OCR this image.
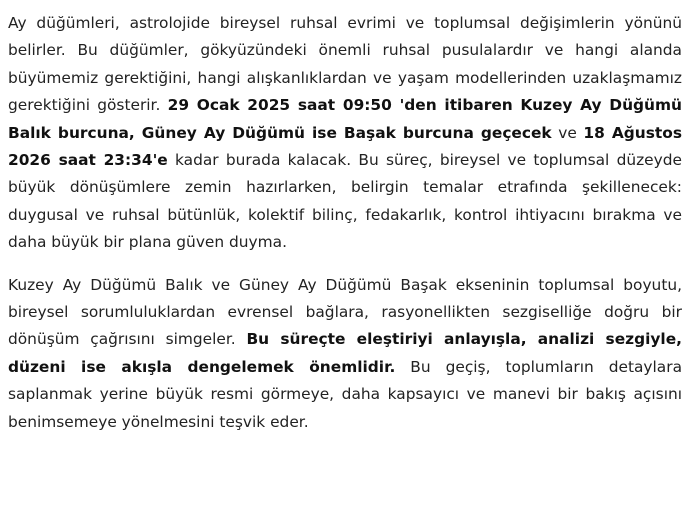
Ay düğümleri, astrolojide bireysel ruhsal evrimi ve toplumsal değişimlerin yönünü belirler. Bu düğümler, gökyüzündeki önemli ruhsal pusulalardır ve hangi alanda büyümemiz gerektiğini, hangi alışkanlıklardan ve yaşam modellerinden uzaklaşmamız gerektiğini gösterir. 29 Ocak 2025 saat 09:50 'den itibaren Kuzey Ay Düğümü Balık burcuna, Güney Ay Düğümü ise Başak burcuna geçecek ve 18 Ağustos 2026 saat 23:34'e kadar burada kalacak. Bu süreç, bireysel ve toplumsal düzeyde büyük dönüşümlere zemin hazırlarken, belirgin temalar etrafında şekillenecek: duygusal ve ruhsal bütünlük, kolektif bilinç, fedakarlık, kontrol ihtiyacını bırakma ve daha büyük bir plana güven duyma.

Kuzey Ay Düğümü Balık ve Güney Ay Düğümü Başak ekseninin toplumsal boyutu, bireysel sorumluluklardan evrensel bağlara, rasyonellikten sezgiselliğe doğru bir dönüşüm çağrısını simgeler. Bu süreçte eleştiriyi anlayışla, analizi sezgiyle, düzeni ise akışla dengelemek önemlidir. Bu geçiş, toplumların detaylara saplanmak yerine büyük resmi görmeye, daha kapsayıcı ve manevi bir bakış açısını benimsemeye yönelmesini teşvik eder.
